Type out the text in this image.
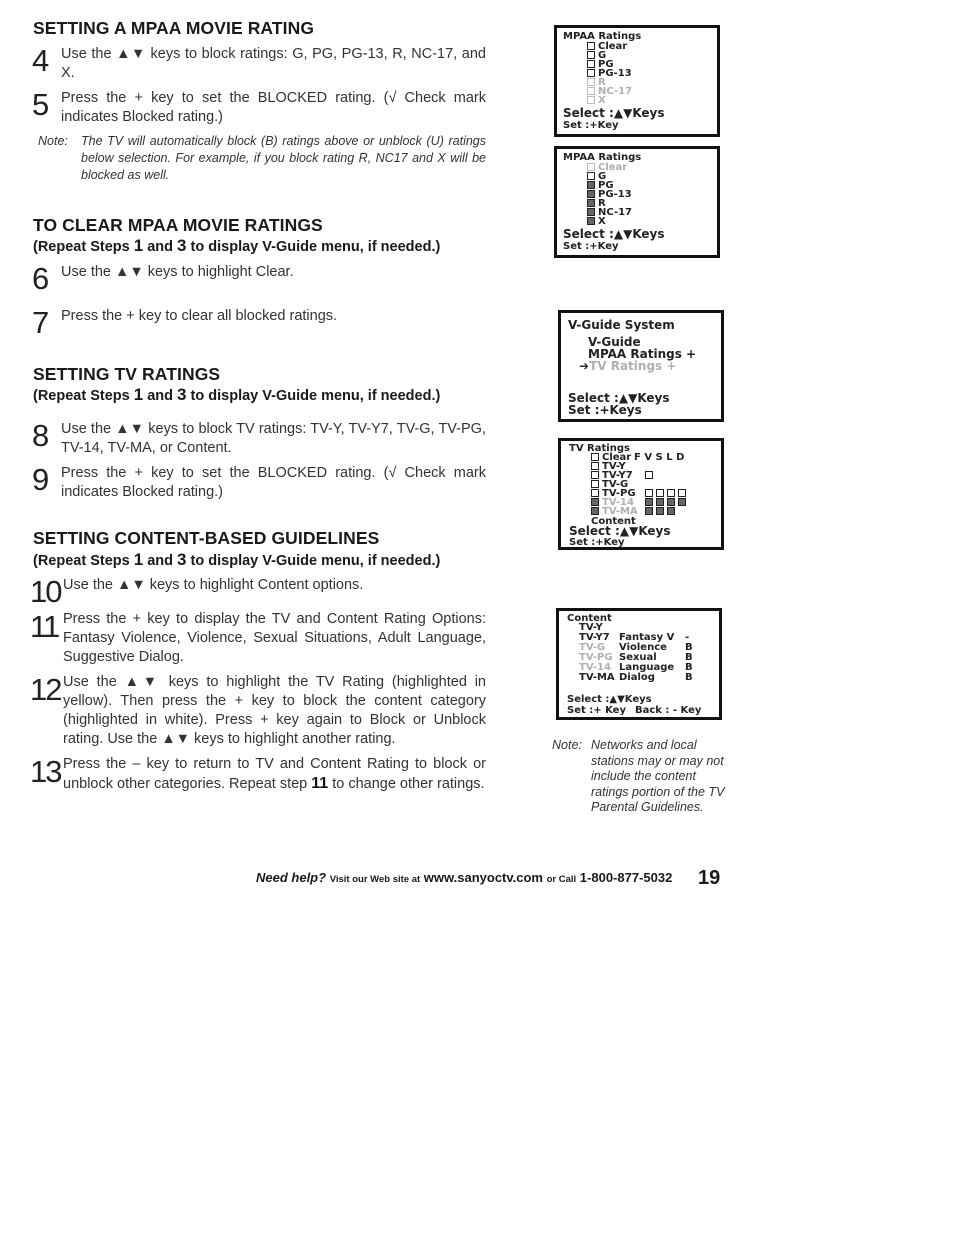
SETTING A MPAA MOVIE RATING
4 Use the ▲▼ keys to block ratings: G, PG, PG-13, R, NC-17, and X.
5 Press the + key to set the BLOCKED rating. (√ Check mark indicates Blocked rating.)
Note: The TV will automatically block (B) ratings above or unblock (U) ratings below selection. For example, if you block rating R, NC17 and X will be blocked as well.
TO CLEAR MPAA MOVIE RATINGS
(Repeat Steps 1 and 3 to display V-Guide menu, if needed.)
6 Use the ▲▼ keys to highlight Clear.
7 Press the + key to clear all blocked ratings.
SETTING TV RATINGS
(Repeat Steps 1 and 3 to display V-Guide menu, if needed.)
8 Use the ▲▼ keys to block TV ratings: TV-Y, TV-Y7, TV-G, TV-PG, TV-14, TV-MA, or Content.
9 Press the + key to set the BLOCKED rating. (√ Check mark indicates Blocked rating.)
SETTING CONTENT-BASED GUIDELINES
(Repeat Steps 1 and 3 to display V-Guide menu, if needed.)
10 Use the ▲▼ keys to highlight Content options.
11 Press the + key to display the TV and Content Rating Options: Fantasy Violence, Violence, Sexual Situations, Adult Language, Suggestive Dialog.
12 Use the ▲▼ keys to highlight the TV Rating (highlighted in yellow). Then press the + key to block the content category (highlighted in white). Press + key again to Block or Unblock rating. Use the ▲▼ keys to highlight another rating.
13 Press the – key to return to TV and Content Rating to block or unblock other categories. Repeat step 11 to change other ratings.
MPAA Ratings
Clear
G
PG
PG-13
R
NC-17
X
Select :▲▼Keys
Set :+Key
MPAA Ratings
Clear
G
PG
PG-13
R
NC-17
X
Select :▲▼Keys
Set :+Key
V-Guide System
V-Guide
MPAA Ratings +
➜TV Ratings +
Select :▲▼Keys
Set :+Keys
TV Ratings
Clear F V S L D
TV-Y
TV-Y7
TV-G
TV-PG
TV-14
TV-MA
Content
Select :▲▼Keys
Set :+Key
Content
TV-Y
TV-Y7
TV-G
TV-PG
TV-14
TV-MA
Fantasy V
Violence
Sexual
Language
Dialog
-
B
B
B
B
Select :▲▼Keys
Set :+ Key Back : - Key
Note: Networks and local stations may or may not include the content ratings portion of the TV Parental Guidelines.
Need help? Visit our Web site at www.sanyoctv.com or Call 1-800-877-5032 19
